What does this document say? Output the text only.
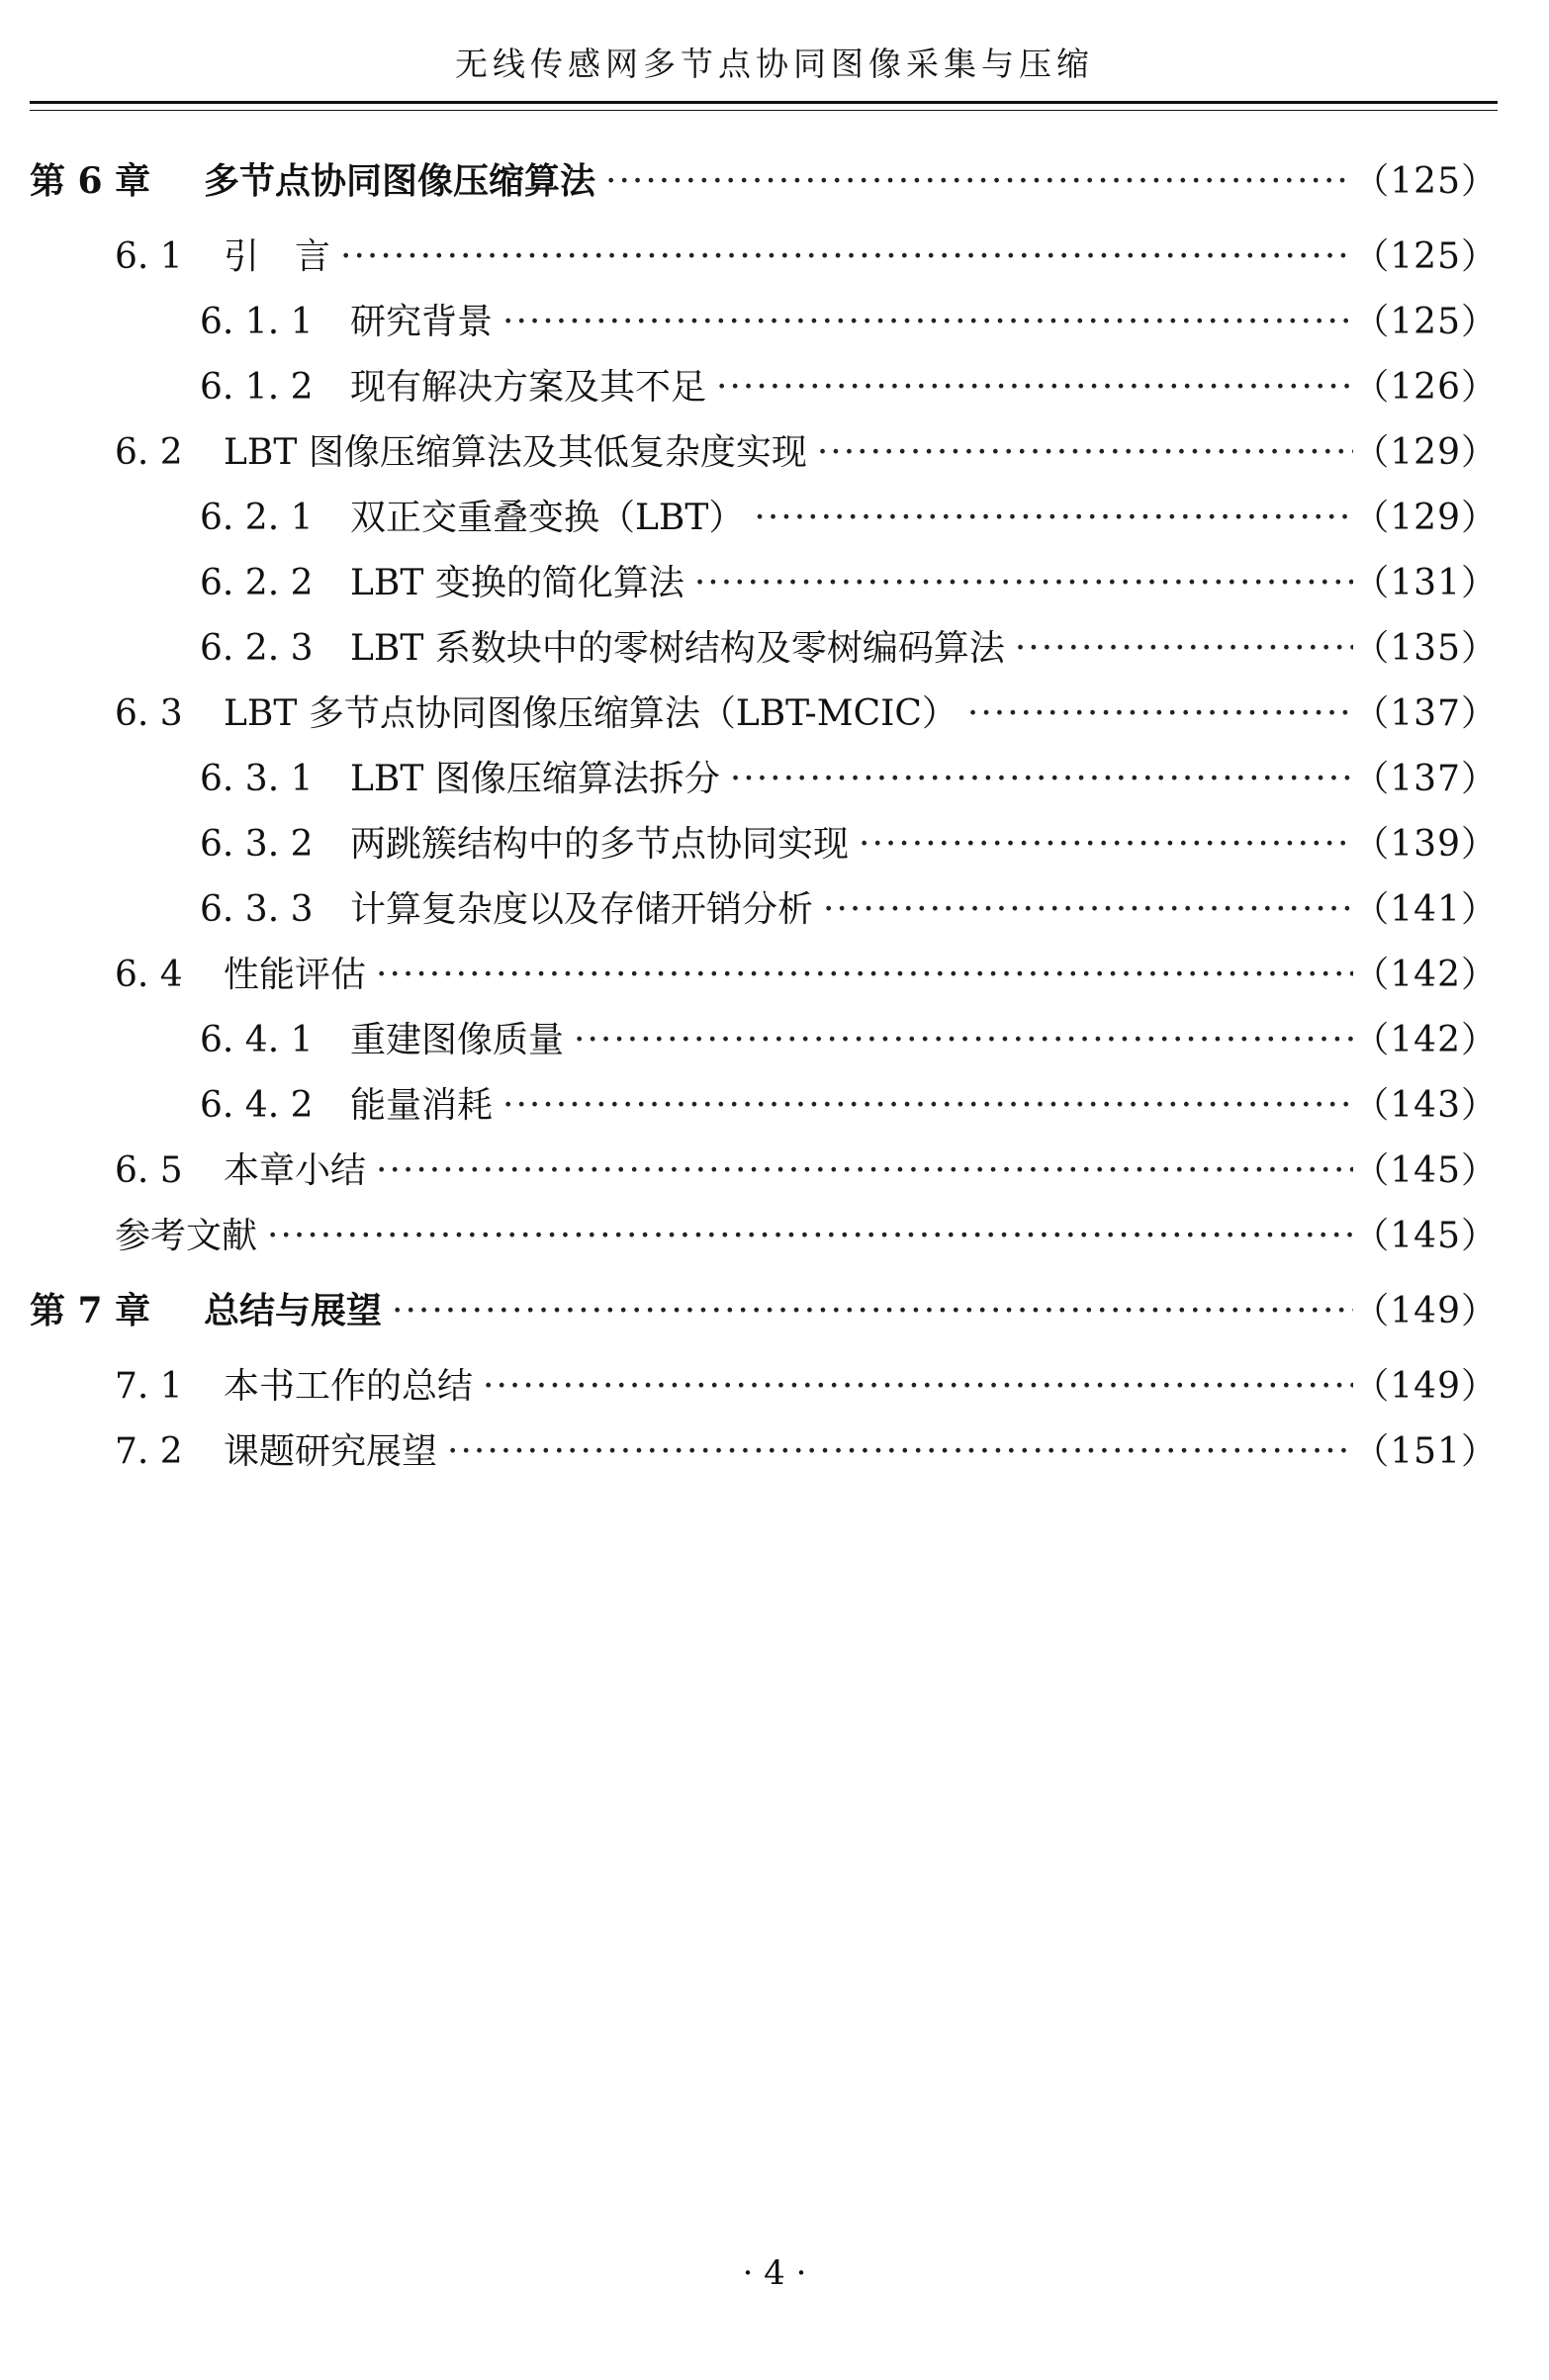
无线传感网多节点协同图像采集与压缩
第 6 章	多节点协同图像压缩算法 ·····	（125）
6. 1	引　言 ·····	（125）
6. 1. 1	研究背景 ·····	（125）
6. 1. 2	现有解决方案及其不足 ·····	（126）
6. 2	LBT 图像压缩算法及其低复杂度实现 ·····	（129）
6. 2. 1	双正交重叠变换（LBT） ·····	（129）
6. 2. 2	LBT 变换的简化算法 ·····	（131）
6. 2. 3	LBT 系数块中的零树结构及零树编码算法 ·····	（135）
6. 3	LBT 多节点协同图像压缩算法（LBT-MCIC） ·····	（137）
6. 3. 1	LBT 图像压缩算法拆分 ·····	（137）
6. 3. 2	两跳簇结构中的多节点协同实现 ·····	（139）
6. 3. 3	计算复杂度以及存储开销分析 ·····	（141）
6. 4	性能评估 ·····	（142）
6. 4. 1	重建图像质量 ·····	（142）
6. 4. 2	能量消耗 ·····	（143）
6. 5	本章小结 ·····	（145）
参考文献 ·····	（145）
第 7 章	总结与展望 ·····	（149）
7. 1	本书工作的总结 ·····	（149）
7. 2	课题研究展望 ·····	（151）
· 4 ·
